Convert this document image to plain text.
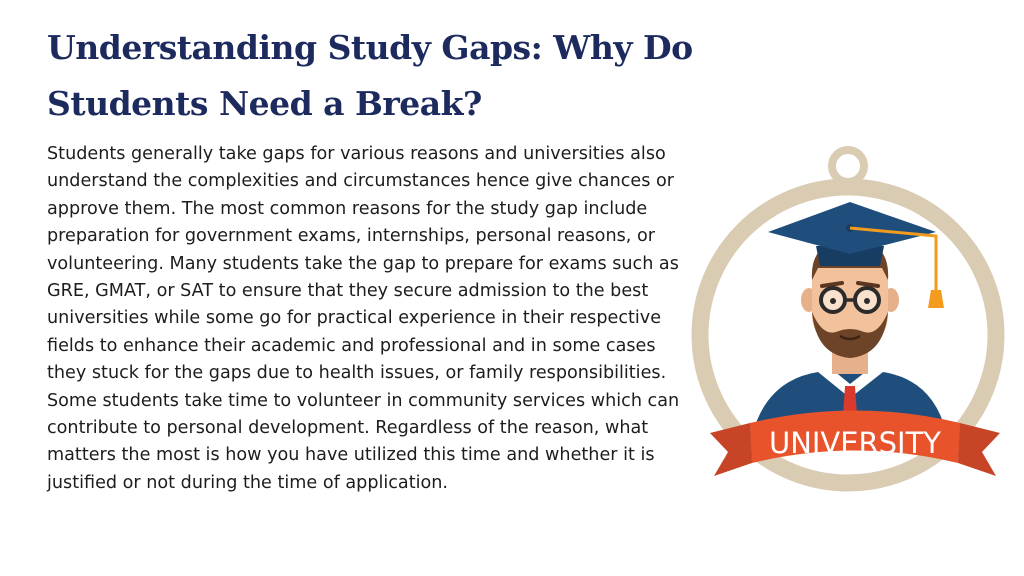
Understanding Study Gaps: Why Do Students Need a Break?

Students generally take gaps for various reasons and universities also understand the complexities and circumstances hence give chances or approve them. The most common reasons for the study gap include preparation for government exams, internships, personal reasons, or volunteering. Many students take the gap to prepare for exams such as GRE, GMAT, or SAT to ensure that they secure admission to the best universities while some go for practical experience in their respective fields to enhance their academic and professional and in some cases they stuck for the gaps due to health issues, or family responsibilities. Some students take time to volunteer in community services which can contribute to personal development. Regardless of the reason, what matters the most is how you have utilized this time and whether it is justified or not during the time of application.

★	★
UNIVERSITY
